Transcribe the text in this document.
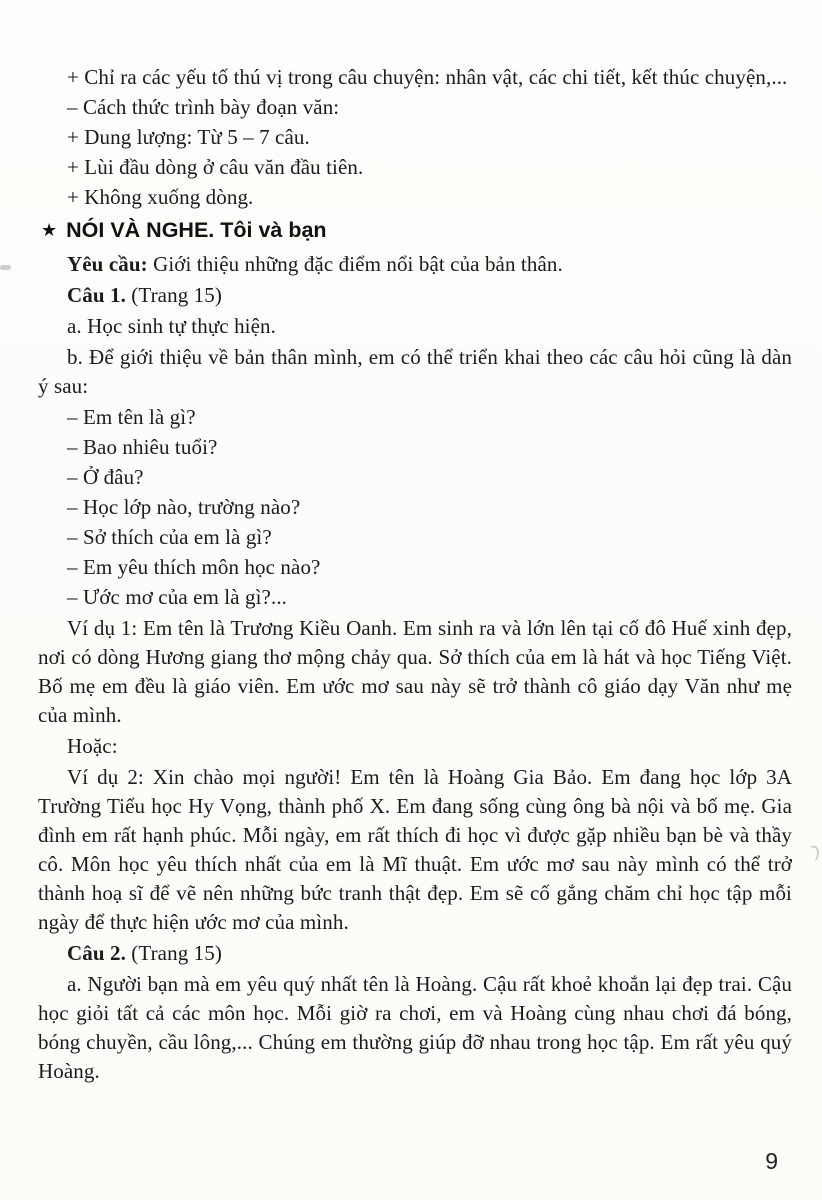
+ Chỉ ra các yếu tố thú vị trong câu chuyện: nhân vật, các chi tiết, kết thúc chuyện,...

– Cách thức trình bày đoạn văn:

+ Dung lượng: Từ 5 – 7 câu.

+ Lùi đầu dòng ở câu văn đầu tiên.

+ Không xuống dòng.

★ NÓI VÀ NGHE. Tôi và bạn

Yêu cầu: Giới thiệu những đặc điểm nổi bật của bản thân.

Câu 1. (Trang 15)

a. Học sinh tự thực hiện.

b. Để giới thiệu về bản thân mình, em có thể triển khai theo các câu hỏi cũng là dàn ý sau:

– Em tên là gì?

– Bao nhiêu tuổi?

– Ở đâu?

– Học lớp nào, trường nào?

– Sở thích của em là gì?

– Em yêu thích môn học nào?

– Ước mơ của em là gì?...

Ví dụ 1: Em tên là Trương Kiều Oanh. Em sinh ra và lớn lên tại cố đô Huế xinh đẹp, nơi có dòng Hương giang thơ mộng chảy qua. Sở thích của em là hát và học Tiếng Việt. Bố mẹ em đều là giáo viên. Em ước mơ sau này sẽ trở thành cô giáo dạy Văn như mẹ của mình.

Hoặc:

Ví dụ 2: Xin chào mọi người! Em tên là Hoàng Gia Bảo. Em đang học lớp 3A Trường Tiểu học Hy Vọng, thành phố X. Em đang sống cùng ông bà nội và bố mẹ. Gia đình em rất hạnh phúc. Mỗi ngày, em rất thích đi học vì được gặp nhiều bạn bè và thầy cô. Môn học yêu thích nhất của em là Mĩ thuật. Em ước mơ sau này mình có thể trở thành hoạ sĩ để vẽ nên những bức tranh thật đẹp. Em sẽ cố gắng chăm chỉ học tập mỗi ngày để thực hiện ước mơ của mình.

Câu 2. (Trang 15)

a. Người bạn mà em yêu quý nhất tên là Hoàng. Cậu rất khoẻ khoắn lại đẹp trai. Cậu học giỏi tất cả các môn học. Mỗi giờ ra chơi, em và Hoàng cùng nhau chơi đá bóng, bóng chuyền, cầu lông,... Chúng em thường giúp đỡ nhau trong học tập. Em rất yêu quý Hoàng.

9
